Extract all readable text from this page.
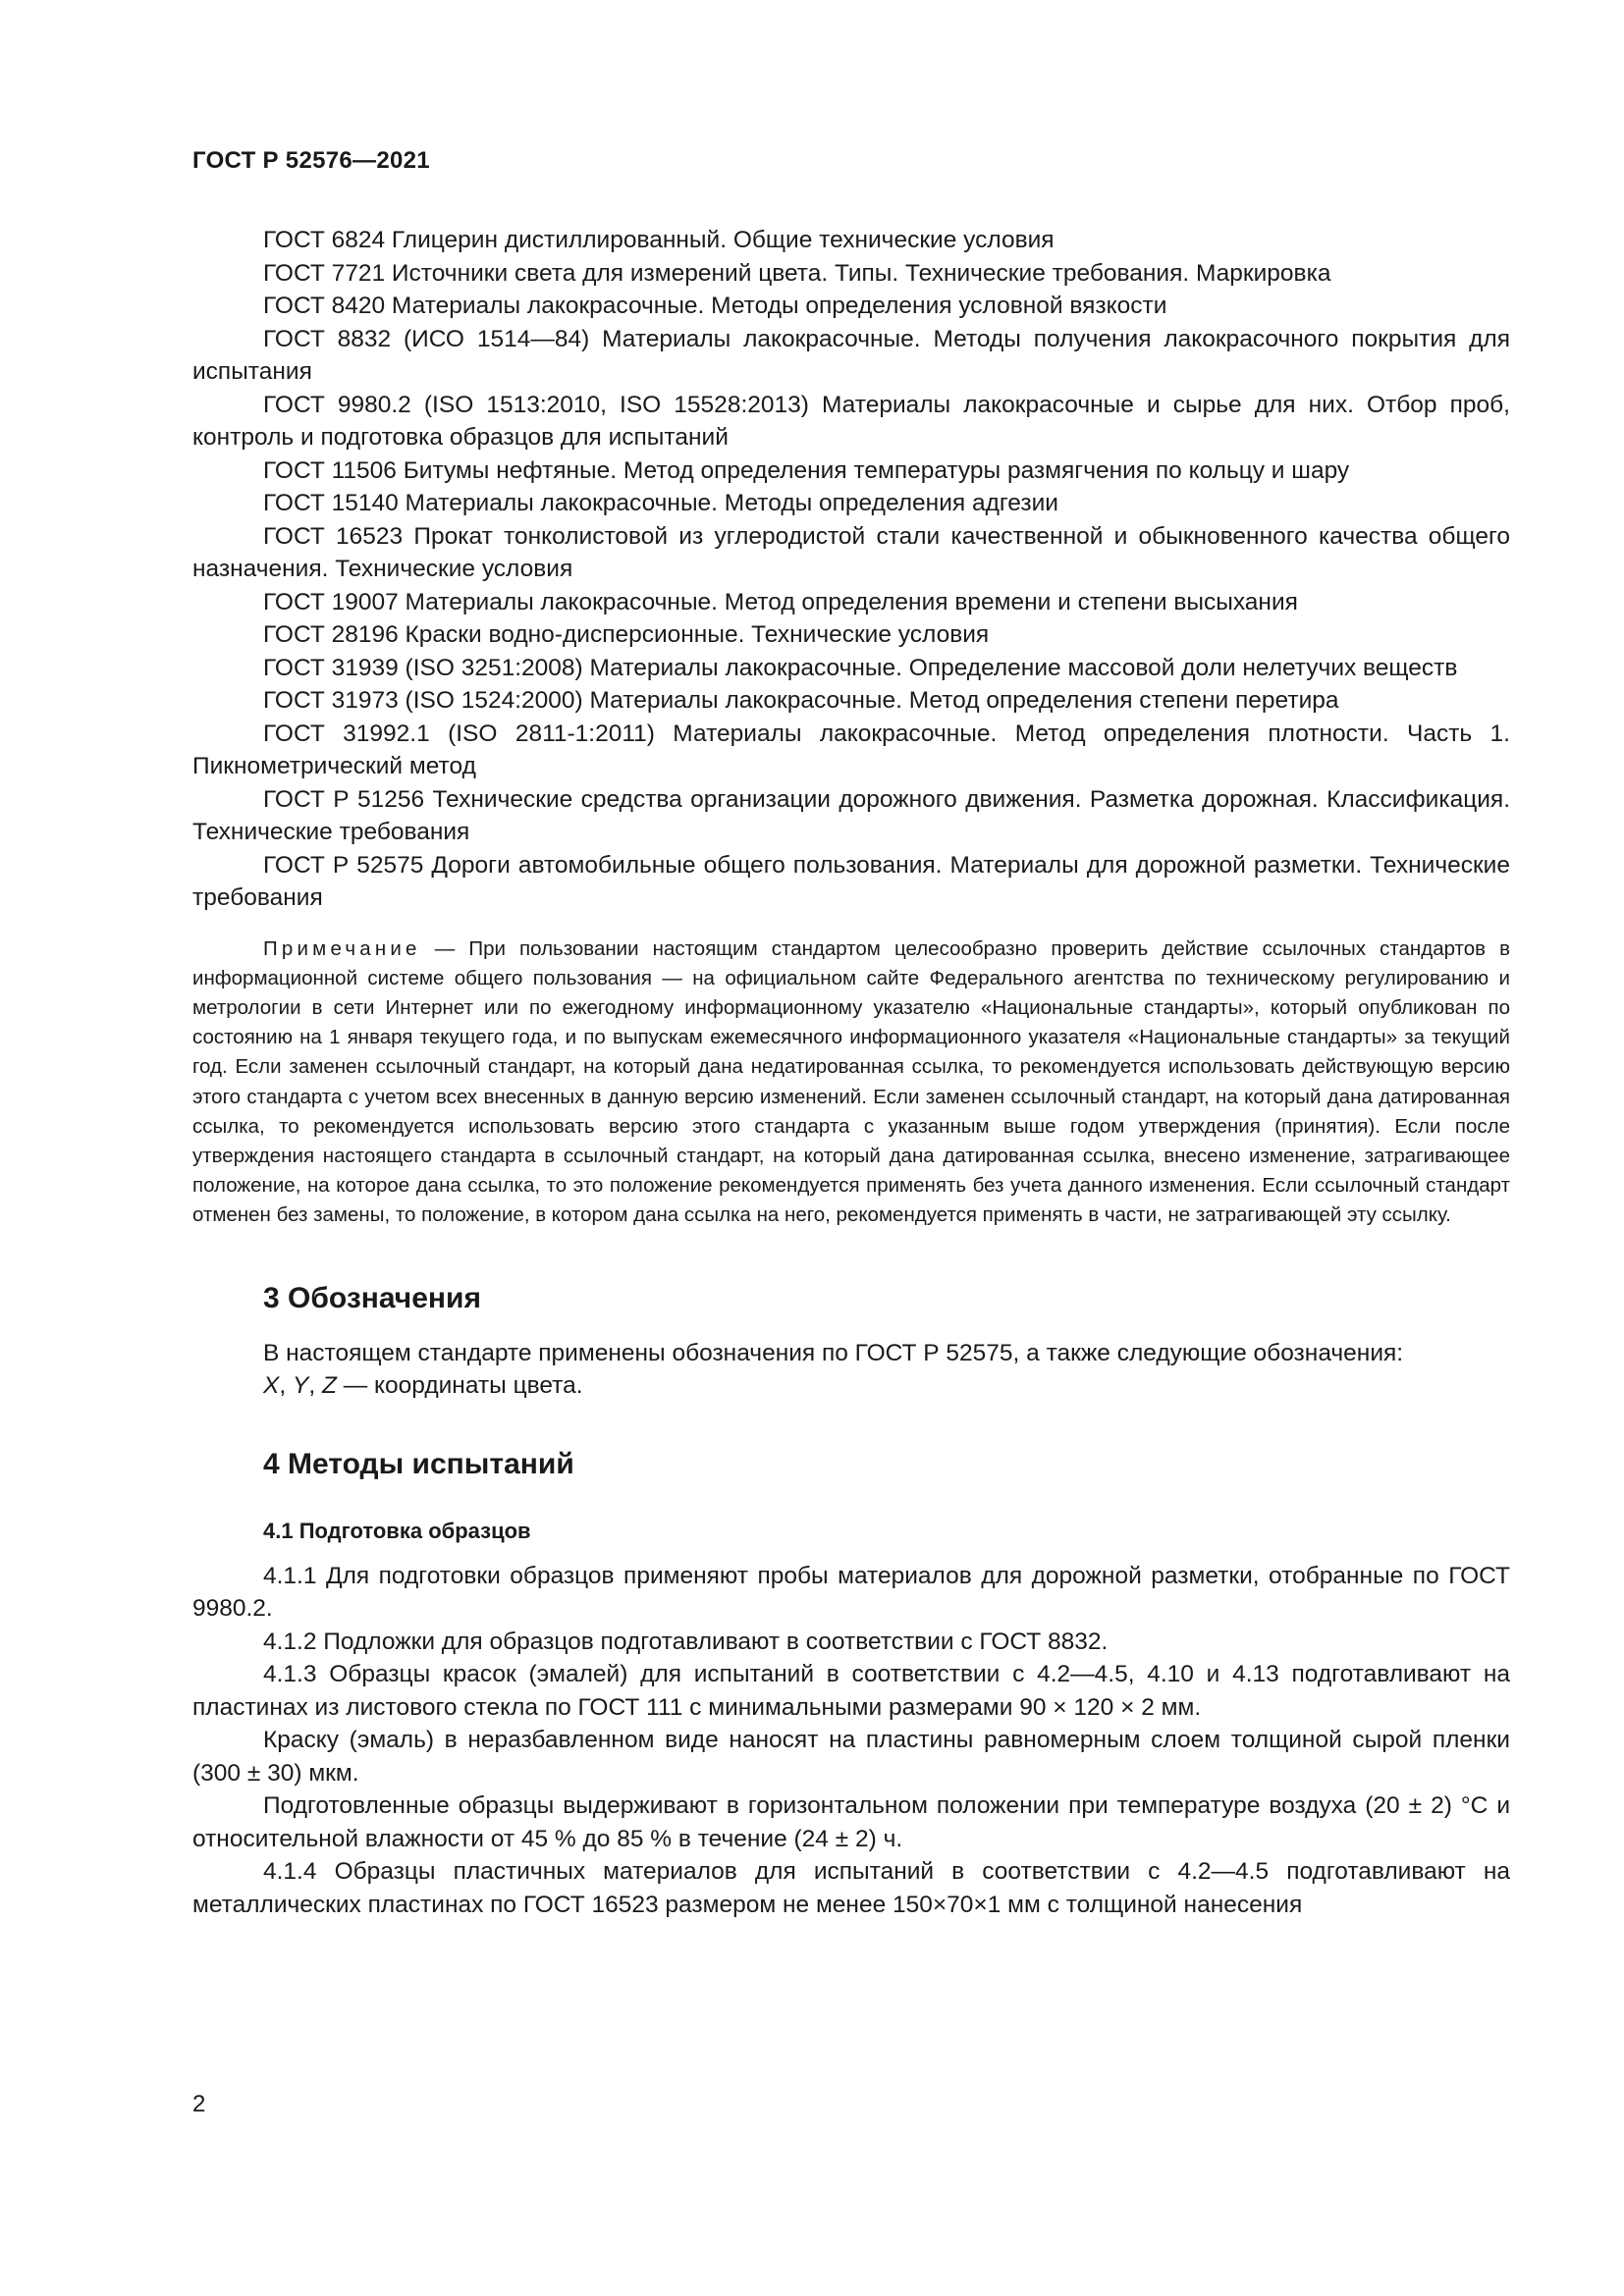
ГОСТ Р 52576—2021

ГОСТ 6824 Глицерин дистиллированный. Общие технические условия

ГОСТ 7721 Источники света для измерений цвета. Типы. Технические требования. Маркировка

ГОСТ 8420 Материалы лакокрасочные. Методы определения условной вязкости

ГОСТ 8832 (ИСО 1514—84) Материалы лакокрасочные. Методы получения лакокрасочного покрытия для испытания

ГОСТ 9980.2 (ISO 1513:2010, ISO 15528:2013) Материалы лакокрасочные и сырье для них. Отбор проб, контроль и подготовка образцов для испытаний

ГОСТ 11506 Битумы нефтяные. Метод определения температуры размягчения по кольцу и шару

ГОСТ 15140 Материалы лакокрасочные. Методы определения адгезии

ГОСТ 16523 Прокат тонколистовой из углеродистой стали качественной и обыкновенного качества общего назначения. Технические условия

ГОСТ 19007 Материалы лакокрасочные. Метод определения времени и степени высыхания

ГОСТ 28196 Краски водно-дисперсионные. Технические условия

ГОСТ 31939 (ISO 3251:2008) Материалы лакокрасочные. Определение массовой доли нелетучих веществ

ГОСТ 31973 (ISO 1524:2000) Материалы лакокрасочные. Метод определения степени перетира

ГОСТ 31992.1 (ISO 2811-1:2011) Материалы лакокрасочные. Метод определения плотности. Часть 1. Пикнометрический метод

ГОСТ Р 51256 Технические средства организации дорожного движения. Разметка дорожная. Классификация. Технические требования

ГОСТ Р 52575 Дороги автомобильные общего пользования. Материалы для дорожной разметки. Технические требования

Примечание — При пользовании настоящим стандартом целесообразно проверить действие ссылочных стандартов в информационной системе общего пользования — на официальном сайте Федерального агентства по техническому регулированию и метрологии в сети Интернет или по ежегодному информационному указателю «Национальные стандарты», который опубликован по состоянию на 1 января текущего года, и по выпускам ежемесячного информационного указателя «Национальные стандарты» за текущий год. Если заменен ссылочный стандарт, на который дана недатированная ссылка, то рекомендуется использовать действующую версию этого стандарта с учетом всех внесенных в данную версию изменений. Если заменен ссылочный стандарт, на который дана датированная ссылка, то рекомендуется использовать версию этого стандарта с указанным выше годом утверждения (принятия). Если после утверждения настоящего стандарта в ссылочный стандарт, на который дана датированная ссылка, внесено изменение, затрагивающее положение, на которое дана ссылка, то это положение рекомендуется применять без учета данного изменения. Если ссылочный стандарт отменен без замены, то положение, в котором дана ссылка на него, рекомендуется применять в части, не затрагивающей эту ссылку.

3 Обозначения

В настоящем стандарте применены обозначения по ГОСТ Р 52575, а также следующие обозначения:

X, Y, Z — координаты цвета.

4 Методы испытаний
4.1 Подготовка образцов

4.1.1 Для подготовки образцов применяют пробы материалов для дорожной разметки, отобранные по ГОСТ 9980.2.

4.1.2 Подложки для образцов подготавливают в соответствии с ГОСТ 8832.

4.1.3 Образцы красок (эмалей) для испытаний в соответствии с 4.2—4.5, 4.10 и 4.13 подготавливают на пластинах из листового стекла по ГОСТ 111 с минимальными размерами 90 × 120 × 2 мм.

Краску (эмаль) в неразбавленном виде наносят на пластины равномерным слоем толщиной сырой пленки (300 ± 30) мкм.

Подготовленные образцы выдерживают в горизонтальном положении при температуре воздуха (20 ± 2) °С и относительной влажности от 45 % до 85 % в течение (24 ± 2) ч.

4.1.4 Образцы пластичных материалов для испытаний в соответствии с 4.2—4.5 подготавливают на металлических пластинах по ГОСТ 16523 размером не менее 150×70×1 мм с толщиной нанесения

2
